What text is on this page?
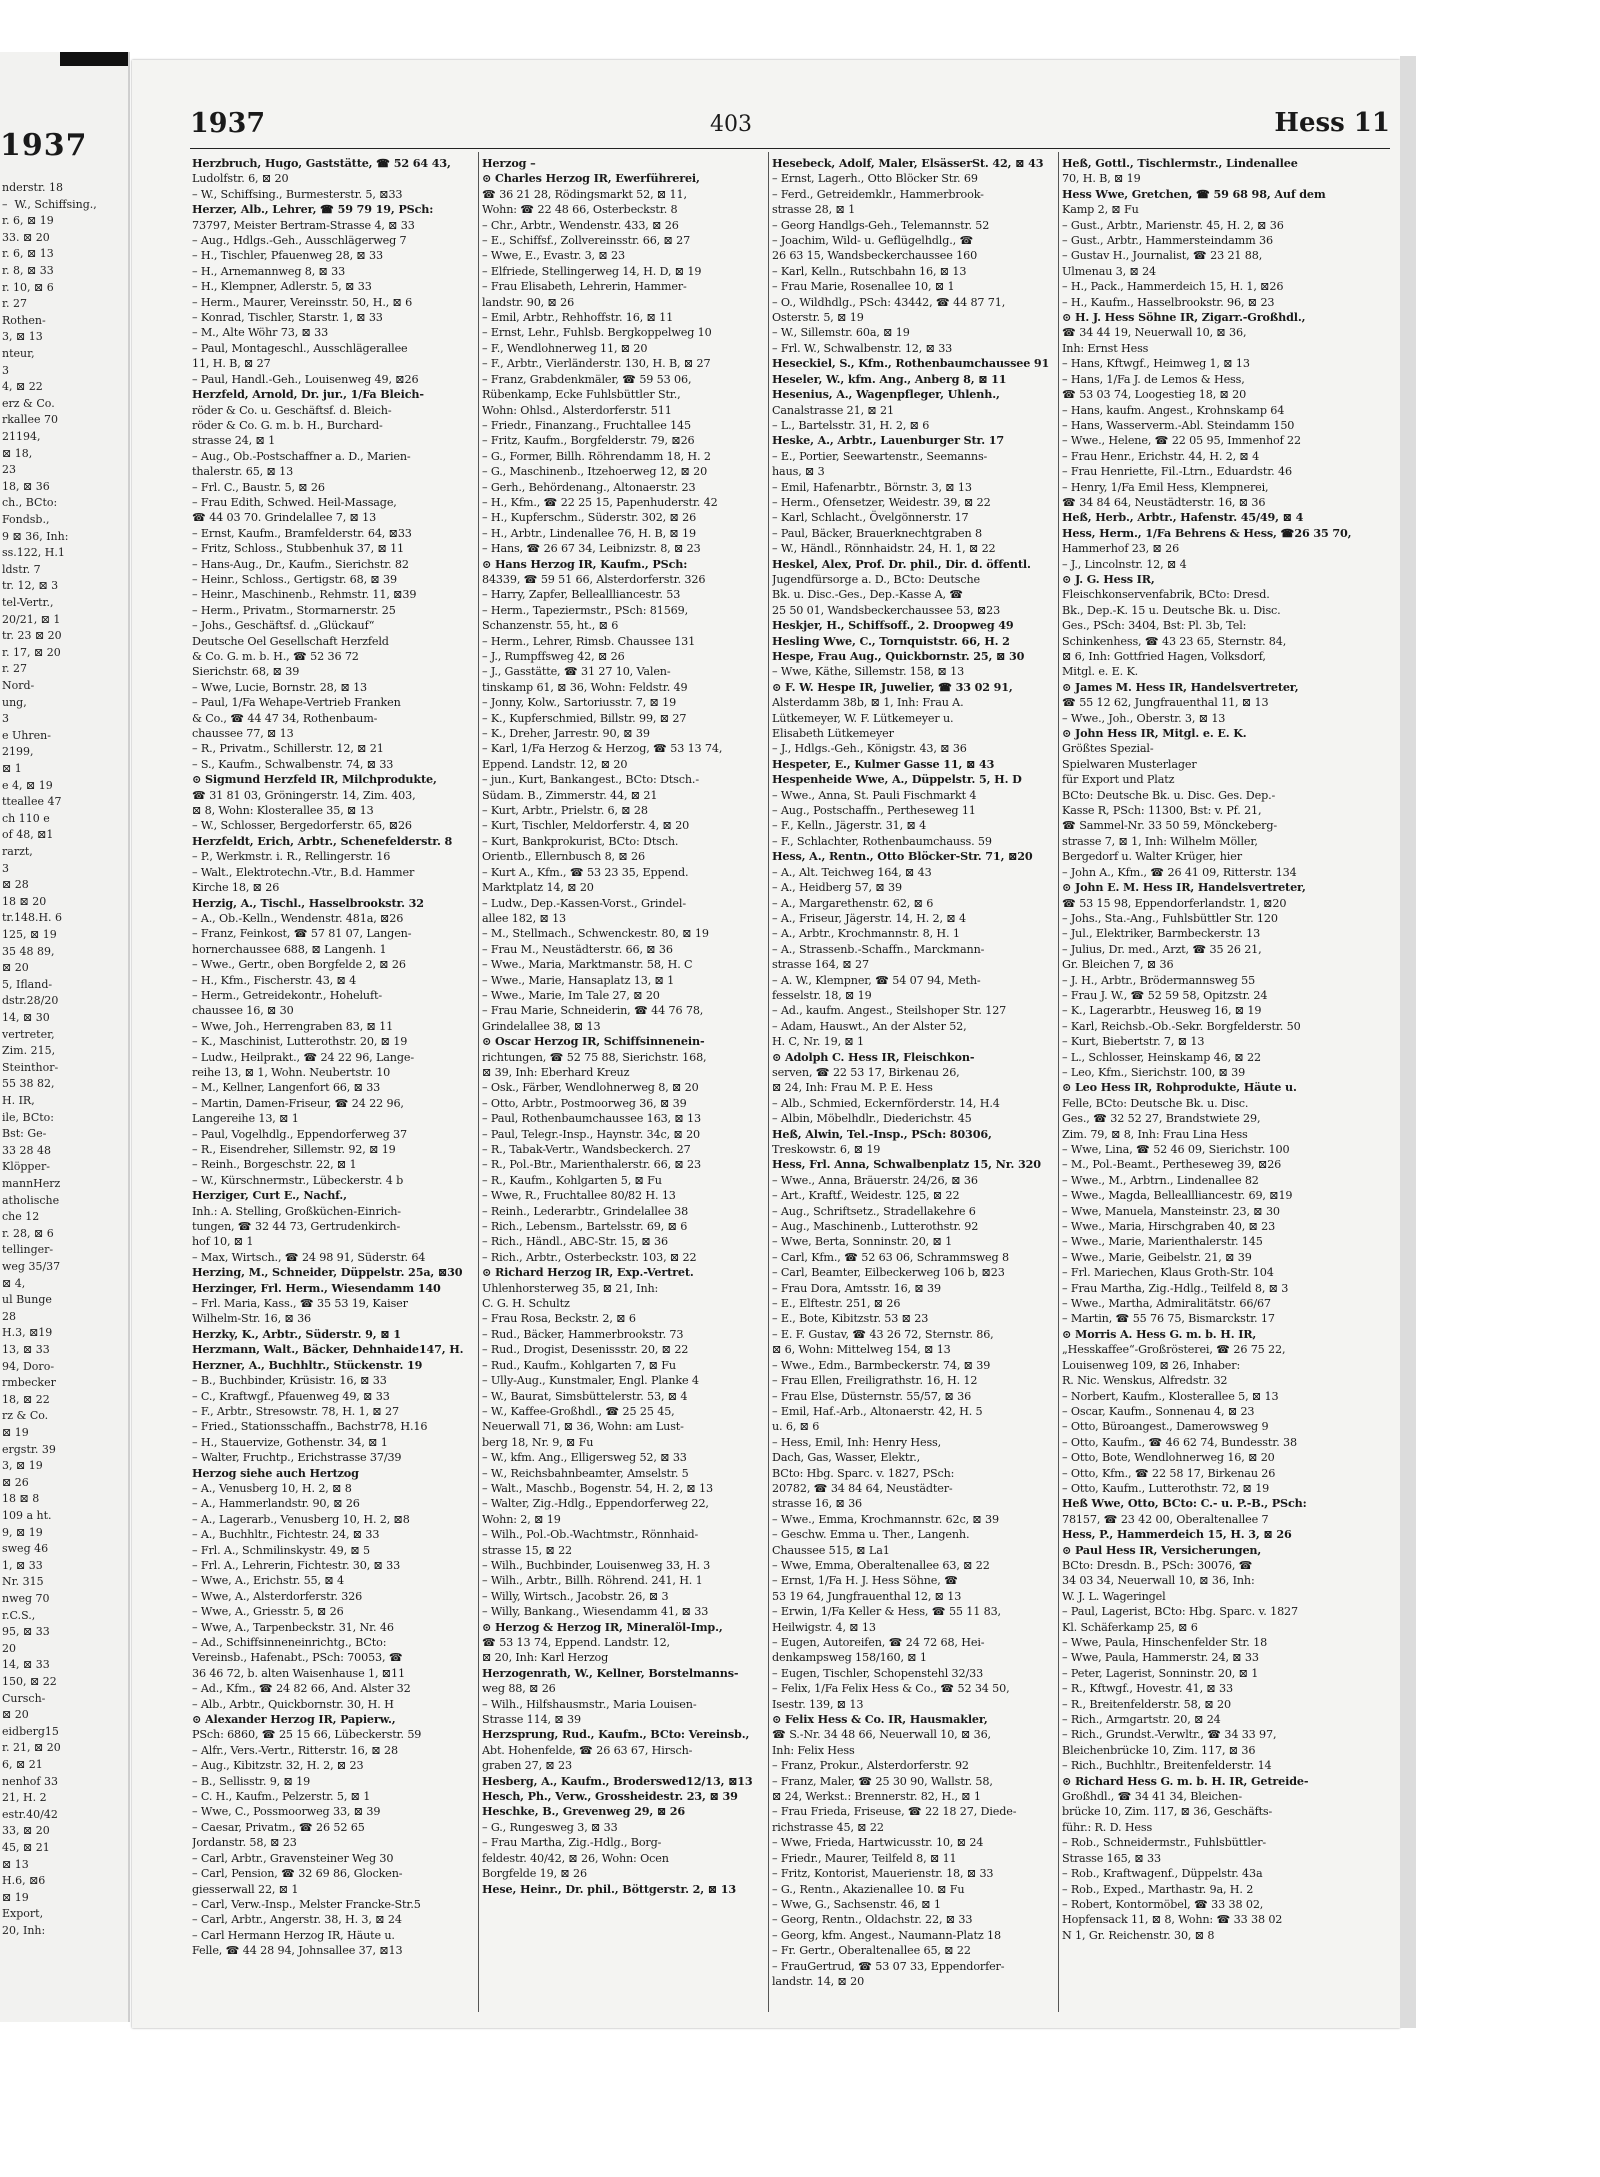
1937
nderstr. 18
–  W., Schiffsing.,
r. 6, ⊠ 19
33. ⊠ 20
r. 6, ⊠ 13
r. 8, ⊠ 33
r. 10, ⊠ 6
r. 27
Rothen-
3, ⊠ 13
nteur,
3
4, ⊠ 22
erz & Co.
rkallee 70
21194,
⊠ 18,
23
18, ⊠ 36
ch., BCto:
Fondsb.,
9 ⊠ 36, Inh:
ss.122, H.1
ldstr. 7
tr. 12, ⊠ 3
tel-Vertr.,
20/21, ⊠ 1
tr. 23 ⊠ 20
r. 17, ⊠ 20
r. 27
Nord-
ung,
3
e Uhren-
2199,
⊠ 1
e 4, ⊠ 19
tteallee 47
ch 110 e
of 48, ⊠1
rarzt,
3
⊠ 28
18 ⊠ 20
tr.148.H. 6
125, ⊠ 19
35 48 89,
⊠ 20
5, Ifland-
dstr.28/20
14, ⊠ 30
vertreter,
Zim. 215,
Steinthor-
55 38 82,
H. IR,
ile, BCto:
Bst: Ge-
33 28 48
Klöpper-
mannHerz
atholische
che 12
r. 28, ⊠ 6
tellinger-
weg 35/37
⊠ 4,
ul Bunge
28
H.3, ⊠19
13, ⊠ 33
94, Doro-
rmbecker
18, ⊠ 22
rz & Co.
⊠ 19
ergstr. 39
3, ⊠ 19
⊠ 26
18 ⊠ 8
109 a ht.
9, ⊠ 19
sweg 46
1, ⊠ 33
Nr. 315
nweg 70
r.C.S.,
95, ⊠ 33
20
14, ⊠ 33
150, ⊠ 22
Cursch-
⊠ 20
eidberg15
r. 21, ⊠ 20
6, ⊠ 21
nenhof 33
21, H. 2
estr.40/42
33, ⊠ 20
45, ⊠ 21
⊠ 13
H.6, ⊠6
⊠ 19
Export,
20, Inh:
1937	403	Hess 11
Herzbruch, Hugo, Gaststätte, ☎ 52 64 43,
Ludolfstr. 6, ⊠ 20
– W., Schiffsing., Burmesterstr. 5, ⊠33
Herzer, Alb., Lehrer, ☎ 59 79 19, PSch:
73797, Meister Bertram-Strasse 4, ⊠ 33
– Aug., Hdlgs.-Geh., Ausschlägerweg 7
– H., Tischler, Pfauenweg 28, ⊠ 33
– H., Arnemannweg 8, ⊠ 33
– H., Klempner, Adlerstr. 5, ⊠ 33
– Herm., Maurer, Vereinsstr. 50, H., ⊠ 6
– Konrad, Tischler, Starstr. 1, ⊠ 33
– M., Alte Wöhr 73, ⊠ 33
– Paul, Montageschl., Ausschlägerallee
11, H. B, ⊠ 27
– Paul, Handl.-Geh., Louisenweg 49, ⊠26
Herzfeld, Arnold, Dr. jur., 1/Fa Bleich-
röder & Co. u. Geschäftsf. d. Bleich-
röder & Co. G. m. b. H., Burchard-
strasse 24, ⊠ 1
– Aug., Ob.-Postschaffner a. D., Marien-
thalerstr. 65, ⊠ 13
– Frl. C., Baustr. 5, ⊠ 26
– Frau Edith, Schwed. Heil-Massage,
☎ 44 03 70. Grindelallee 7, ⊠ 13
– Ernst, Kaufm., Bramfelderstr. 64, ⊠33
– Fritz, Schloss., Stubbenhuk 37, ⊠ 11
– Hans-Aug., Dr., Kaufm., Sierichstr. 82
– Heinr., Schloss., Gertigstr. 68, ⊠ 39
– Heinr., Maschinenb., Rehmstr. 11, ⊠39
– Herm., Privatm., Stormarnerstr. 25
– Johs., Geschäftsf. d. „Glückauf“
Deutsche Oel Gesellschaft Herzfeld
& Co. G. m. b. H., ☎ 52 36 72
Sierichstr. 68, ⊠ 39
– Wwe, Lucie, Bornstr. 28, ⊠ 13
– Paul, 1/Fa Wehape-Vertrieb Franken
& Co., ☎ 44 47 34, Rothenbaum-
chaussee 77, ⊠ 13
– R., Privatm., Schillerstr. 12, ⊠ 21
– S., Kaufm., Schwalbenstr. 74, ⊠ 33
⊙ Sigmund Herzfeld IR, Milchprodukte,
☎ 31 81 03, Gröningerstr. 14, Zim. 403,
⊠ 8, Wohn: Klosterallee 35, ⊠ 13
– W., Schlosser, Bergedorferstr. 65, ⊠26
Herzfeldt, Erich, Arbtr., Schenefelderstr. 8
– P., Werkmstr. i. R., Rellingerstr. 16
– Walt., Elektrotechn.-Vtr., B.d. Hammer
Kirche 18, ⊠ 26
Herzig, A., Tischl., Hasselbrookstr. 32
– A., Ob.-Kelln., Wendenstr. 481a, ⊠26
– Franz, Feinkost, ☎ 57 81 07, Langen-
hornerchaussee 688, ⊠ Langenh. 1
– Wwe., Gertr., oben Borgfelde 2, ⊠ 26
– H., Kfm., Fischerstr. 43, ⊠ 4
– Herm., Getreidekontr., Hoheluft-
chaussee 16, ⊠ 30
– Wwe, Joh., Herrengraben 83, ⊠ 11
– K., Maschinist, Lutterothstr. 20, ⊠ 19
– Ludw., Heilprakt., ☎ 24 22 96, Lange-
reihe 13, ⊠ 1, Wohn. Neubertstr. 10
– M., Kellner, Langenfort 66, ⊠ 33
– Martin, Damen-Friseur, ☎ 24 22 96,
Langereihe 13, ⊠ 1
– Paul, Vogelhdlg., Eppendorferweg 37
– R., Eisendreher, Sillemstr. 92, ⊠ 19
– Reinh., Borgeschstr. 22, ⊠ 1
– W., Kürschnermstr., Lübeckerstr. 4 b
Herziger, Curt E., Nachf.,
Inh.: A. Stelling, Großküchen-Einrich-
tungen, ☎ 32 44 73, Gertrudenkirch-
hof 10, ⊠ 1
– Max, Wirtsch., ☎ 24 98 91, Süderstr. 64
Herzing, M., Schneider, Düppelstr. 25a, ⊠30
Herzinger, Frl. Herm., Wiesendamm 140
– Frl. Maria, Kass., ☎ 35 53 19, Kaiser
Wilhelm-Str. 16, ⊠ 36
Herzky, K., Arbtr., Süderstr. 9, ⊠ 1
Herzmann, Walt., Bäcker, Dehnhaide147, H.
Herzner, A., Buchhltr., Stückenstr. 19
– B., Buchbinder, Krüsistr. 16, ⊠ 33
– C., Kraftwgf., Pfauenweg 49, ⊠ 33
– F., Arbtr., Stresowstr. 78, H. 1, ⊠ 27
– Fried., Stationsschaffn., Bachstr78, H.16
– H., Stauervize, Gothenstr. 34, ⊠ 1
– Walter, Fruchtp., Erichstrasse 37/39
Herzog siehe auch Hertzog
– A., Venusberg 10, H. 2, ⊠ 8
– A., Hammerlandstr. 90, ⊠ 26
– A., Lagerarb., Venusberg 10, H. 2, ⊠8
– A., Buchhltr., Fichtestr. 24, ⊠ 33
– Frl. A., Schmilinskystr. 49, ⊠ 5
– Frl. A., Lehrerin, Fichtestr. 30, ⊠ 33
– Wwe, A., Erichstr. 55, ⊠ 4
– Wwe, A., Alsterdorferstr. 326
– Wwe, A., Griesstr. 5, ⊠ 26
– Wwe, A., Tarpenbeckstr. 31, Nr. 46
– Ad., Schiffsinneneinrichtg., BCto:
Vereinsb., Hafenabt., PSch: 70053, ☎
36 46 72, b. alten Waisenhause 1, ⊠11
– Ad., Kfm., ☎ 24 82 66, And. Alster 32
– Alb., Arbtr., Quickbornstr. 30, H. H
⊙ Alexander Herzog IR, Papierw.,
PSch: 6860, ☎ 25 15 66, Lübeckerstr. 59
– Alfr., Vers.-Vertr., Ritterstr. 16, ⊠ 28
– Aug., Kibitzstr. 32, H. 2, ⊠ 23
– B., Sellisstr. 9, ⊠ 19
– C. H., Kaufm., Pelzerstr. 5, ⊠ 1
– Wwe, C., Possmoorweg 33, ⊠ 39
– Caesar, Privatm., ☎ 26 52 65
Jordanstr. 58, ⊠ 23
– Carl, Arbtr., Gravensteiner Weg 30
– Carl, Pension, ☎ 32 69 86, Glocken-
giesserwall 22, ⊠ 1
– Carl, Verw.-Insp., Melster Francke-Str.5
– Carl, Arbtr., Angerstr. 38, H. 3, ⊠ 24
– Carl Hermann Herzog IR, Häute u.
Felle, ☎ 44 28 94, Johnsallee 37, ⊠13
Herzog –
⊙ Charles Herzog IR, Ewerführerei,
☎ 36 21 28, Rödingsmarkt 52, ⊠ 11,
Wohn: ☎ 22 48 66, Osterbeckstr. 8
– Chr., Arbtr., Wendenstr. 433, ⊠ 26
– E., Schiffsf., Zollvereinsstr. 66, ⊠ 27
– Wwe, E., Evastr. 3, ⊠ 23
– Elfriede, Stellingerweg 14, H. D, ⊠ 19
– Frau Elisabeth, Lehrerin, Hammer-
landstr. 90, ⊠ 26
– Emil, Arbtr., Rehhoffstr. 16, ⊠ 11
– Ernst, Lehr., Fuhlsb. Bergkoppelweg 10
– F., Wendlohnerweg 11, ⊠ 20
– F., Arbtr., Vierländerstr. 130, H. B, ⊠ 27
– Franz, Grabdenkmäler, ☎ 59 53 06,
Rübenkamp, Ecke Fuhlsbüttler Str.,
Wohn: Ohlsd., Alsterdorferstr. 511
– Friedr., Finanzang., Fruchtallee 145
– Fritz, Kaufm., Borgfelderstr. 79, ⊠26
– G., Former, Billh. Röhrendamm 18, H. 2
– G., Maschinenb., Itzehoerweg 12, ⊠ 20
– Gerh., Behördenang., Altonaerstr. 23
– H., Kfm., ☎ 22 25 15, Papenhuderstr. 42
– H., Kupferschm., Süderstr. 302, ⊠ 26
– H., Arbtr., Lindenallee 76, H. B, ⊠ 19
– Hans, ☎ 26 67 34, Leibnizstr. 8, ⊠ 23
⊙ Hans Herzog IR, Kaufm., PSch:
84339, ☎ 59 51 66, Alsterdorferstr. 326
– Harry, Zapfer, Belleallliancestr. 53
– Herm., Tapeziermstr., PSch: 81569,
Schanzenstr. 55, ht., ⊠ 6
– Herm., Lehrer, Rimsb. Chaussee 131
– J., Rumpffsweg 42, ⊠ 26
– J., Gasstätte, ☎ 31 27 10, Valen-
tinskamp 61, ⊠ 36, Wohn: Feldstr. 49
– Jonny, Kolw., Sartoriusstr. 7, ⊠ 19
– K., Kupferschmied, Billstr. 99, ⊠ 27
– K., Dreher, Jarrestr. 90, ⊠ 39
– Karl, 1/Fa Herzog & Herzog, ☎ 53 13 74,
Eppend. Landstr. 12, ⊠ 20
– jun., Kurt, Bankangest., BCto: Dtsch.-
Südam. B., Zimmerstr. 44, ⊠ 21
– Kurt, Arbtr., Prielstr. 6, ⊠ 28
– Kurt, Tischler, Meldorferstr. 4, ⊠ 20
– Kurt, Bankprokurist, BCto: Dtsch.
Orientb., Ellernbusch 8, ⊠ 26
– Kurt A., Kfm., ☎ 53 23 35, Eppend.
Marktplatz 14, ⊠ 20
– Ludw., Dep.-Kassen-Vorst., Grindel-
allee 182, ⊠ 13
– M., Stellmach., Schwenckestr. 80, ⊠ 19
– Frau M., Neustädterstr. 66, ⊠ 36
– Wwe., Maria, Marktmanstr. 58, H. C
– Wwe., Marie, Hansaplatz 13, ⊠ 1
– Wwe., Marie, Im Tale 27, ⊠ 20
– Frau Marie, Schneiderin, ☎ 44 76 78,
Grindelallee 38, ⊠ 13
⊙ Oscar Herzog IR, Schiffsinnenein-
richtungen, ☎ 52 75 88, Sierichstr. 168,
⊠ 39, Inh: Eberhard Kreuz
– Osk., Färber, Wendlohnerweg 8, ⊠ 20
– Otto, Arbtr., Postmoorweg 36, ⊠ 39
– Paul, Rothenbaumchaussee 163, ⊠ 13
– Paul, Telegr.-Insp., Haynstr. 34c, ⊠ 20
– R., Tabak-Vertr., Wandsbeckerch. 27
– R., Pol.-Btr., Marienthalerstr. 66, ⊠ 23
– R., Kaufm., Kohlgarten 5, ⊠ Fu
– Wwe, R., Fruchtallee 80/82 H. 13
– Reinh., Lederarbtr., Grindelallee 38
– Rich., Lebensm., Bartelsstr. 69, ⊠ 6
– Rich., Händl., ABC-Str. 15, ⊠ 36
– Rich., Arbtr., Osterbeckstr. 103, ⊠ 22
⊙ Richard Herzog IR, Exp.-Vertret.
Uhlenhorsterweg 35, ⊠ 21, Inh:
C. G. H. Schultz
– Frau Rosa, Beckstr. 2, ⊠ 6
– Rud., Bäcker, Hammerbrookstr. 73
– Rud., Drogist, Desenissstr. 20, ⊠ 22
– Rud., Kaufm., Kohlgarten 7, ⊠ Fu
– Ully-Aug., Kunstmaler, Engl. Planke 4
– W., Baurat, Simsbüttelerstr. 53, ⊠ 4
– W., Kaffee-Großhdl., ☎ 25 25 45,
Neuerwall 71, ⊠ 36, Wohn: am Lust-
berg 18, Nr. 9, ⊠ Fu
– W., kfm. Ang., Elligersweg 52, ⊠ 33
– W., Reichsbahnbeamter, Amselstr. 5
– Walt., Maschb., Bogenstr. 54, H. 2, ⊠ 13
– Walter, Zig.-Hdlg., Eppendorferweg 22,
Wohn: 2, ⊠ 19
– Wilh., Pol.-Ob.-Wachtmstr., Rönnhaid-
strasse 15, ⊠ 22
– Wilh., Buchbinder, Louisenweg 33, H. 3
– Wilh., Arbtr., Billh. Röhrend. 241, H. 1
– Willy, Wirtsch., Jacobstr. 26, ⊠ 3
– Willy, Bankang., Wiesendamm 41, ⊠ 33
⊙ Herzog & Herzog IR, Mineralöl-Imp.,
☎ 53 13 74, Eppend. Landstr. 12,
⊠ 20, Inh: Karl Herzog
Herzogenrath, W., Kellner, Borstelmanns-
weg 88, ⊠ 26
– Wilh., Hilfshausmstr., Maria Louisen-
Strasse 114, ⊠ 39
Herzsprung, Rud., Kaufm., BCto: Vereinsb.,
Abt. Hohenfelde, ☎ 26 63 67, Hirsch-
graben 27, ⊠ 23
Hesberg, A., Kaufm., Broderswed12/13, ⊠13
Hesch, Ph., Verw., Grossheidestr. 23, ⊠ 39
Heschke, B., Grevenweg 29, ⊠ 26
– G., Rungesweg 3, ⊠ 33
– Frau Martha, Zig.-Hdlg., Borg-
feldestr. 40/42, ⊠ 26, Wohn: Ocen
Borgfelde 19, ⊠ 26
Hese, Heinr., Dr. phil., Böttgerstr. 2, ⊠ 13
Hesebeck, Adolf, Maler, ElsässerSt. 42, ⊠ 43
– Ernst, Lagerh., Otto Blöcker Str. 69
– Ferd., Getreidemklr., Hammerbrook-
strasse 28, ⊠ 1
– Georg Handlgs-Geh., Telemannstr. 52
– Joachim, Wild- u. Geflügelhdlg., ☎
26 63 15, Wandsbeckerchaussee 160
– Karl, Kelln., Rutschbahn 16, ⊠ 13
– Frau Marie, Rosenallee 10, ⊠ 1
– O., Wildhdlg., PSch: 43442, ☎ 44 87 71,
Osterstr. 5, ⊠ 19
– W., Sillemstr. 60a, ⊠ 19
– Frl. W., Schwalbenstr. 12, ⊠ 33
Heseckiel, S., Kfm., Rothenbaumchaussee 91
Heseler, W., kfm. Ang., Anberg 8, ⊠ 11
Hesenius, A., Wagenpfleger, Uhlenh.,
Canalstrasse 21, ⊠ 21
– L., Bartelsstr. 31, H. 2, ⊠ 6
Heske, A., Arbtr., Lauenburger Str. 17
– E., Portier, Seewartenstr., Seemanns-
haus, ⊠ 3
– Emil, Hafenarbtr., Börnstr. 3, ⊠ 13
– Herm., Ofensetzer, Weidestr. 39, ⊠ 22
– Karl, Schlacht., Övelgönnerstr. 17
– Paul, Bäcker, Brauerknechtgraben 8
– W., Händl., Rönnhaidstr. 24, H. 1, ⊠ 22
Heskel, Alex, Prof. Dr. phil., Dir. d. öffentl.
Jugendfürsorge a. D., BCto: Deutsche
Bk. u. Disc.-Ges., Dep.-Kasse A, ☎
25 50 01, Wandsbeckerchaussee 53, ⊠23
Heskjer, H., Schiffsoff., 2. Droopweg 49
Hesling Wwe, C., Tornquiststr. 66, H. 2
Hespe, Frau Aug., Quickbornstr. 25, ⊠ 30
– Wwe, Käthe, Sillemstr. 158, ⊠ 13
⊙ F. W. Hespe IR, Juwelier, ☎ 33 02 91,
Alsterdamm 38b, ⊠ 1, Inh: Frau A.
Lütkemeyer, W. F. Lütkemeyer u.
Elisabeth Lütkemeyer
– J., Hdlgs.-Geh., Königstr. 43, ⊠ 36
Hespeter, E., Kulmer Gasse 11, ⊠ 43
Hespenheide Wwe, A., Düppelstr. 5, H. D
– Wwe., Anna, St. Pauli Fischmarkt 4
– Aug., Postschaffn., Pertheseweg 11
– F., Kelln., Jägerstr. 31, ⊠ 4
– F., Schlachter, Rothenbaumchauss. 59
Hess, A., Rentn., Otto Blöcker-Str. 71, ⊠20
– A., Alt. Teichweg 164, ⊠ 43
– A., Heidberg 57, ⊠ 39
– A., Margarethenstr. 62, ⊠ 6
– A., Friseur, Jägerstr. 14, H. 2, ⊠ 4
– A., Arbtr., Krochmannstr. 8, H. 1
– A., Strassenb.-Schaffn., Marckmann-
strasse 164, ⊠ 27
– A. W., Klempner, ☎ 54 07 94, Meth-
fesselstr. 18, ⊠ 19
– Ad., kaufm. Angest., Steilshoper Str. 127
– Adam, Hauswt., An der Alster 52,
H. C, Nr. 19, ⊠ 1
⊙ Adolph C. Hess IR, Fleischkon-
serven, ☎ 22 53 17, Birkenau 26,
⊠ 24, Inh: Frau M. P. E. Hess
– Alb., Schmied, Eckernförderstr. 14, H.4
– Albin, Möbelhdlr., Diederichstr. 45
Heß, Alwin, Tel.-Insp., PSch: 80306,
Treskowstr. 6, ⊠ 19
Hess, Frl. Anna, Schwalbenplatz 15, Nr. 320
– Wwe., Anna, Bräuerstr. 24/26, ⊠ 36
– Art., Kraftf., Weidestr. 125, ⊠ 22
– Aug., Schriftsetz., Stradellakehre 6
– Aug., Maschinenb., Lutterothstr. 92
– Wwe, Berta, Sonninstr. 20, ⊠ 1
– Carl, Kfm., ☎ 52 63 06, Schrammsweg 8
– Carl, Beamter, Eilbeckerweg 106 b, ⊠23
– Frau Dora, Amtsstr. 16, ⊠ 39
– E., Elftestr. 251, ⊠ 26
– E., Bote, Kibitzstr. 53 ⊠ 23
– E. F. Gustav, ☎ 43 26 72, Sternstr. 86,
⊠ 6, Wohn: Mittelweg 154, ⊠ 13
– Wwe., Edm., Barmbeckerstr. 74, ⊠ 39
– Frau Ellen, Freiligrathstr. 16, H. 12
– Frau Else, Düsternstr. 55/57, ⊠ 36
– Emil, Haf.-Arb., Altonaerstr. 42, H. 5
u. 6, ⊠ 6
– Hess, Emil, Inh: Henry Hess,
Dach, Gas, Wasser, Elektr.,
BCto: Hbg. Sparc. v. 1827, PSch:
20782, ☎ 34 84 64, Neustädter-
strasse 16, ⊠ 36
– Wwe., Emma, Krochmannstr. 62c, ⊠ 39
– Geschw. Emma u. Ther., Langenh.
Chaussee 515, ⊠ La1
– Wwe, Emma, Oberaltenallee 63, ⊠ 22
– Ernst, 1/Fa H. J. Hess Söhne, ☎
53 19 64, Jungfrauenthal 12, ⊠ 13
– Erwin, 1/Fa Keller & Hess, ☎ 55 11 83,
Heilwigstr. 4, ⊠ 13
– Eugen, Autoreifen, ☎ 24 72 68, Hei-
denkampsweg 158/160, ⊠ 1
– Eugen, Tischler, Schopenstehl 32/33
– Felix, 1/Fa Felix Hess & Co., ☎ 52 34 50,
Isestr. 139, ⊠ 13
⊙ Felix Hess & Co. IR, Hausmakler,
☎ S.-Nr. 34 48 66, Neuerwall 10, ⊠ 36,
Inh: Felix Hess
– Franz, Prokur., Alsterdorferstr. 92
– Franz, Maler, ☎ 25 30 90, Wallstr. 58,
⊠ 24, Werkst.: Brennerstr. 82, H., ⊠ 1
– Frau Frieda, Friseuse, ☎ 22 18 27, Diede-
richstrasse 45, ⊠ 22
– Wwe, Frieda, Hartwicusstr. 10, ⊠ 24
– Friedr., Maurer, Teilfeld 8, ⊠ 11
– Fritz, Kontorist, Mauerienstr. 18, ⊠ 33
– G., Rentn., Akazienallee 10. ⊠ Fu
– Wwe, G., Sachsenstr. 46, ⊠ 1
– Georg, Rentn., Oldachstr. 22, ⊠ 33
– Georg, kfm. Angest., Naumann-Platz 18
– Fr. Gertr., Oberaltenallee 65, ⊠ 22
– FrauGertrud, ☎ 53 07 33, Eppendorfer-
landstr. 14, ⊠ 20
Heß, Gottl., Tischlermstr., Lindenallee
70, H. B, ⊠ 19
Hess Wwe, Gretchen, ☎ 59 68 98, Auf dem
Kamp 2, ⊠ Fu
– Gust., Arbtr., Marienstr. 45, H. 2, ⊠ 36
– Gust., Arbtr., Hammersteindamm 36
– Gustav H., Journalist, ☎ 23 21 88,
Ulmenau 3, ⊠ 24
– H., Pack., Hammerdeich 15, H. 1, ⊠26
– H., Kaufm., Hasselbrookstr. 96, ⊠ 23
⊙ H. J. Hess Söhne IR, Zigarr.-Großhdl.,
☎ 34 44 19, Neuerwall 10, ⊠ 36,
Inh: Ernst Hess
– Hans, Kftwgf., Heimweg 1, ⊠ 13
– Hans, 1/Fa J. de Lemos & Hess,
☎ 53 03 74, Loogestieg 18, ⊠ 20
– Hans, kaufm. Angest., Krohnskamp 64
– Hans, Wasserverm.-Abl. Steindamm 150
– Wwe., Helene, ☎ 22 05 95, Immenhof 22
– Frau Henr., Erichstr. 44, H. 2, ⊠ 4
– Frau Henriette, Fil.-Ltrn., Eduardstr. 46
– Henry, 1/Fa Emil Hess, Klempnerei,
☎ 34 84 64, Neustädterstr. 16, ⊠ 36
Heß, Herb., Arbtr., Hafenstr. 45/49, ⊠ 4
Hess, Herm., 1/Fa Behrens & Hess, ☎26 35 70,
Hammerhof 23, ⊠ 26
– J., Lincolnstr. 12, ⊠ 4
⊙ J. G. Hess IR,
Fleischkonservenfabrik, BCto: Dresd.
Bk., Dep.-K. 15 u. Deutsche Bk. u. Disc.
Ges., PSch: 3404, Bst: Pl. 3b, Tel:
Schinkenhess, ☎ 43 23 65, Sternstr. 84,
⊠ 6, Inh: Gottfried Hagen, Volksdorf,
Mitgl. e. E. K.
⊙ James M. Hess IR, Handelsvertreter,
☎ 55 12 62, Jungfrauenthal 11, ⊠ 13
– Wwe., Joh., Oberstr. 3, ⊠ 13
⊙ John Hess IR, Mitgl. e. E. K.
Größtes Spezial-
Spielwaren Musterlager
für Export und Platz
BCto: Deutsche Bk. u. Disc. Ges. Dep.-
Kasse R, PSch: 11300, Bst: v. Pf. 21,
☎ Sammel-Nr. 33 50 59, Mönckeberg-
strasse 7, ⊠ 1, Inh: Wilhelm Möller,
Bergedorf u. Walter Krüger, hier
– John A., Kfm., ☎ 26 41 09, Ritterstr. 134
⊙ John E. M. Hess IR, Handelsvertreter,
☎ 53 15 98, Eppendorferlandstr. 1, ⊠20
– Johs., Sta.-Ang., Fuhlsbüttler Str. 120
– Jul., Elektriker, Barmbeckerstr. 13
– Julius, Dr. med., Arzt, ☎ 35 26 21,
Gr. Bleichen 7, ⊠ 36
– J. H., Arbtr., Brödermannsweg 55
– Frau J. W., ☎ 52 59 58, Opitzstr. 24
– K., Lagerarbtr., Heusweg 16, ⊠ 19
– Karl, Reichsb.-Ob.-Sekr. Borgfelderstr. 50
– Kurt, Biebertstr. 7, ⊠ 13
– L., Schlosser, Heinskamp 46, ⊠ 22
– Leo, Kfm., Sierichstr. 100, ⊠ 39
⊙ Leo Hess IR, Rohprodukte, Häute u.
Felle, BCto: Deutsche Bk. u. Disc.
Ges., ☎ 32 52 27, Brandstwiete 29,
Zim. 79, ⊠ 8, Inh: Frau Lina Hess
– Wwe, Lina, ☎ 52 46 09, Sierichstr. 100
– M., Pol.-Beamt., Pertheseweg 39, ⊠26
– Wwe., M., Arbtrn., Lindenallee 82
– Wwe., Magda, Belleallliancestr. 69, ⊠19
– Wwe, Manuela, Mansteinstr. 23, ⊠ 30
– Wwe., Maria, Hirschgraben 40, ⊠ 23
– Wwe., Marie, Marienthalerstr. 145
– Wwe., Marie, Geibelstr. 21, ⊠ 39
– Frl. Mariechen, Klaus Groth-Str. 104
– Frau Martha, Zig.-Hdlg., Teilfeld 8, ⊠ 3
– Wwe., Martha, Admiralitätstr. 66/67
– Martin, ☎ 55 76 75, Bismarckstr. 17
⊙ Morris A. Hess G. m. b. H. IR,
„Hesskaffee“-Großrösterei, ☎ 26 75 22,
Louisenweg 109, ⊠ 26, Inhaber:
R. Nic. Wenskus, Alfredstr. 32
– Norbert, Kaufm., Klosterallee 5, ⊠ 13
– Oscar, Kaufm., Sonnenau 4, ⊠ 23
– Otto, Büroangest., Damerowsweg 9
– Otto, Kaufm., ☎ 46 62 74, Bundesstr. 38
– Otto, Bote, Wendlohnerweg 16, ⊠ 20
– Otto, Kfm., ☎ 22 58 17, Birkenau 26
– Otto, Kaufm., Lutterothstr. 72, ⊠ 19
Heß Wwe, Otto, BCto: C.- u. P.-B., PSch:
78157, ☎ 23 42 00, Oberaltenallee 7
Hess, P., Hammerdeich 15, H. 3, ⊠ 26
⊙ Paul Hess IR, Versicherungen,
BCto: Dresdn. B., PSch: 30076, ☎
34 03 34, Neuerwall 10, ⊠ 36, Inh:
W. J. L. Wageringel
– Paul, Lagerist, BCto: Hbg. Sparc. v. 1827
Kl. Schäferkamp 25, ⊠ 6
– Wwe, Paula, Hinschenfelder Str. 18
– Wwe, Paula, Hammerstr. 24, ⊠ 33
– Peter, Lagerist, Sonninstr. 20, ⊠ 1
– R., Kftwgf., Hovestr. 41, ⊠ 33
– R., Breitenfelderstr. 58, ⊠ 20
– Rich., Armgartstr. 20, ⊠ 24
– Rich., Grundst.-Verwltr., ☎ 34 33 97,
Bleichenbrücke 10, Zim. 117, ⊠ 36
– Rich., Buchhltr., Breitenfelderstr. 14
⊙ Richard Hess G. m. b. H. IR, Getreide-
Großhdl., ☎ 34 41 34, Bleichen-
brücke 10, Zim. 117, ⊠ 36, Geschäfts-
führ.: R. D. Hess
– Rob., Schneidermstr., Fuhlsbüttler-
Strasse 165, ⊠ 33
– Rob., Kraftwagenf., Düppelstr. 43a
– Rob., Exped., Marthastr. 9a, H. 2
– Robert, Kontormöbel, ☎ 33 38 02,
Hopfensack 11, ⊠ 8, Wohn: ☎ 33 38 02
N 1, Gr. Reichenstr. 30, ⊠ 8
